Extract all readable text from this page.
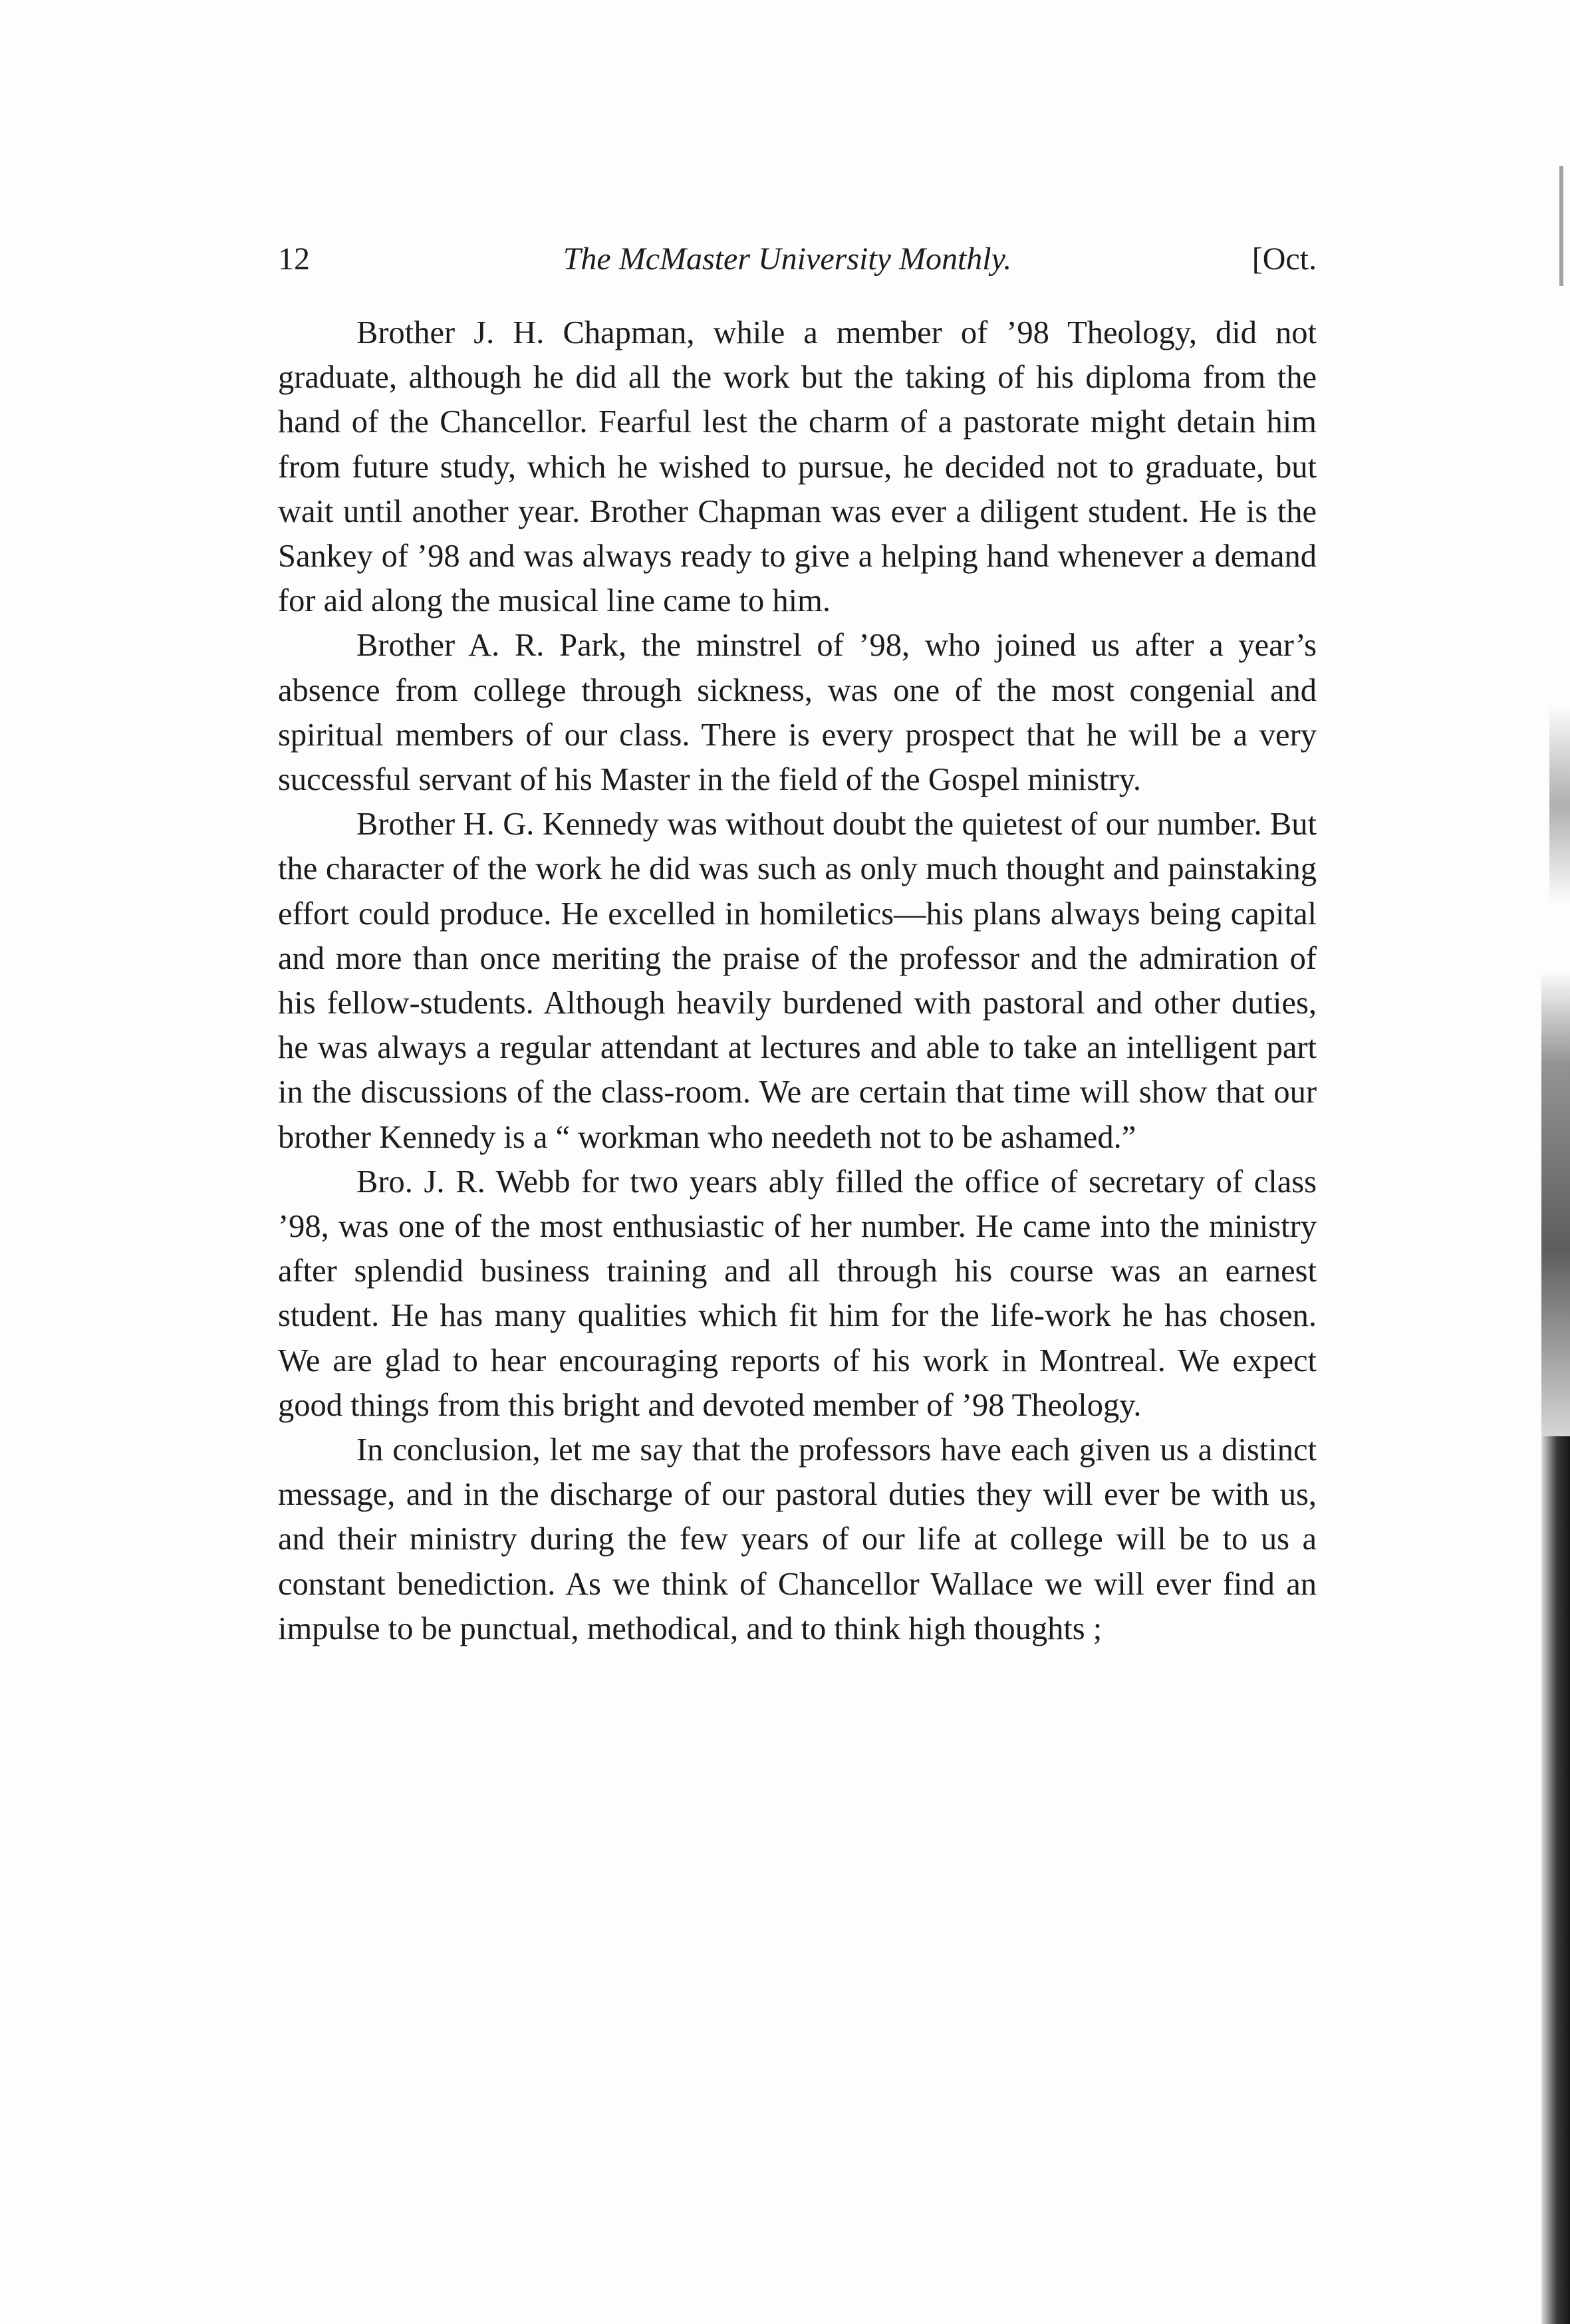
12	The McMaster University Monthly.	[Oct.

Brother J. H. Chapman, while a member of ’98 Theology, did not graduate, although he did all the work but the taking of his diploma from the hand of the Chancellor. Fearful lest the charm of a pastorate might detain him from future study, which he wished to pursue, he decided not to graduate, but wait until another year. Brother Chapman was ever a diligent student. He is the Sankey of ’98 and was always ready to give a helping hand whenever a demand for aid along the musical line came to him.

Brother A. R. Park, the minstrel of ’98, who joined us after a year’s absence from college through sickness, was one of the most congenial and spiritual members of our class. There is every prospect that he will be a very successful servant of his Master in the field of the Gospel ministry.

Brother H. G. Kennedy was without doubt the quietest of our number. But the character of the work he did was such as only much thought and painstaking effort could produce. He excelled in homiletics—his plans always being capital and more than once meriting the praise of the professor and the admiration of his fellow-students. Although heavily burdened with pastoral and other duties, he was always a regular attendant at lectures and able to take an intelligent part in the discussions of the class-room. We are certain that time will show that our brother Kennedy is a “ workman who needeth not to be ashamed.”

Bro. J. R. Webb for two years ably filled the office of secretary of class ’98, was one of the most enthusiastic of her number. He came into the ministry after splendid business training and all through his course was an earnest student. He has many qualities which fit him for the life-work he has chosen. We are glad to hear encouraging reports of his work in Montreal. We expect good things from this bright and devoted member of ’98 Theology.

In conclusion, let me say that the professors have each given us a distinct message, and in the discharge of our pastoral duties they will ever be with us, and their ministry during the few years of our life at college will be to us a constant benediction. As we think of Chancellor Wallace we will ever find an impulse to be punctual, methodical, and to think high thoughts ;
